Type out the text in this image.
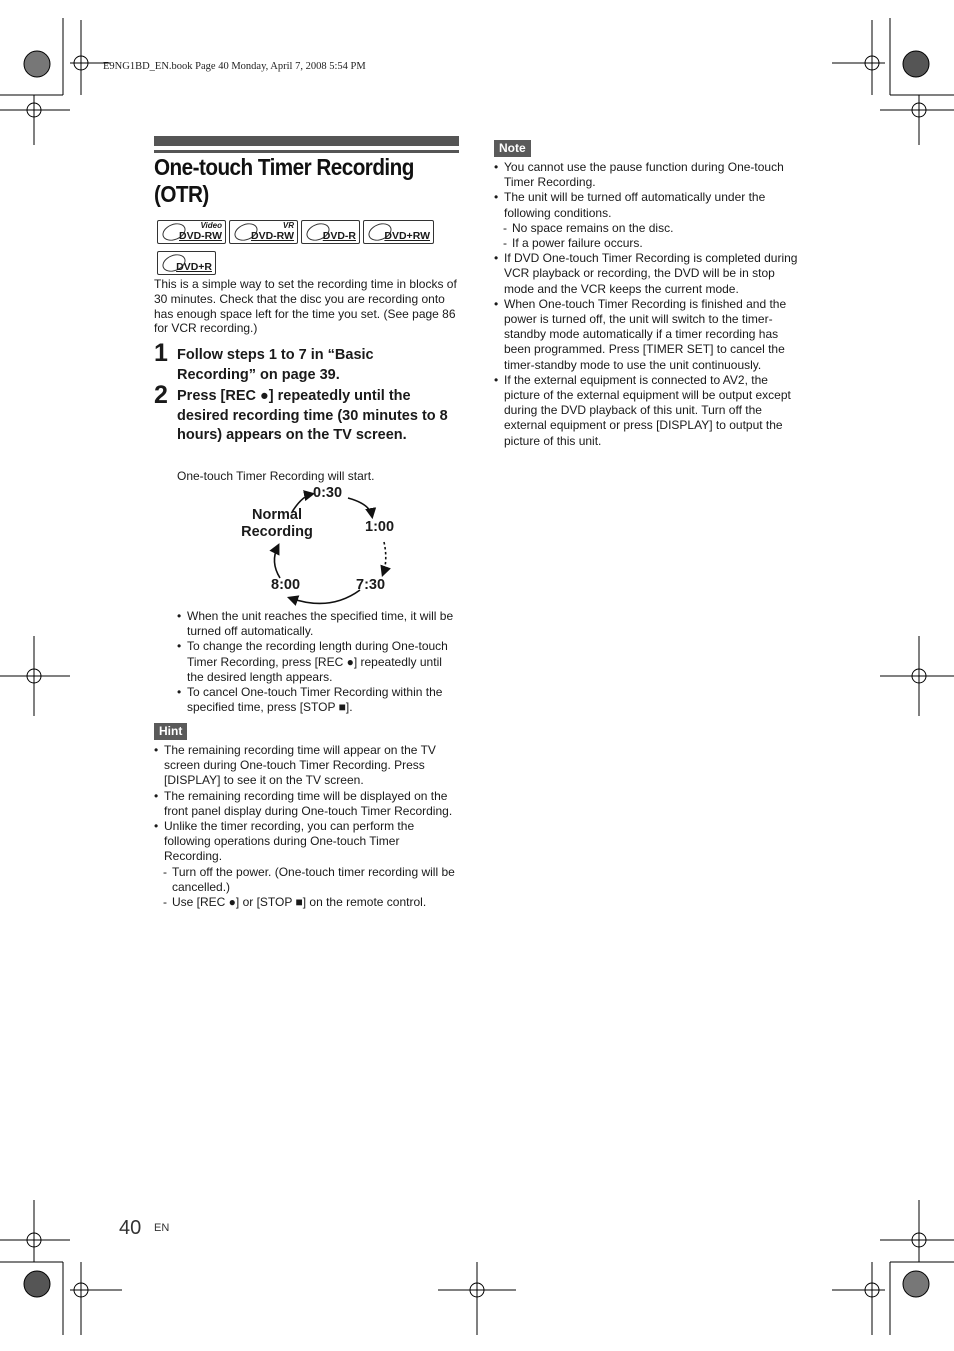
E9NG1BD_EN.book Page 40 Monday, April 7, 2008 5:54 PM
One-touch Timer Recording (OTR)
Video
DVD-RW
VR
DVD-RW	DVD-R	DVD+RW
DVD+R
This is a simple way to set the recording time in blocks of 30 minutes. Check that the disc you are recording onto has enough space left for the time you set. (See page 86 for VCR recording.)
1 Follow steps 1 to 7 in “Basic Recording” on page 39.
2 Press [REC ●] repeatedly until the desired recording time (30 minutes to 8 hours) appears on the TV screen.
One-touch Timer Recording will start.
0:30
1:00
7:30
8:00
Normal
Recording
• When the unit reaches the specified time, it will be turned off automatically.
• To change the recording length during One-touch Timer Recording, press [REC ●] repeatedly until the desired length appears.
• To cancel One-touch Timer Recording within the specified time, press [STOP ■].
Hint
• The remaining recording time will appear on the TV screen during One-touch Timer Recording. Press [DISPLAY] to see it on the TV screen.
• The remaining recording time will be displayed on the front panel display during One-touch Timer Recording.
• Unlike the timer recording, you can perform the following operations during One-touch Timer Recording.
- Turn off the power. (One-touch timer recording will be cancelled.)
- Use [REC ●] or [STOP ■] on the remote control.
Note
• You cannot use the pause function during One-touch Timer Recording.
• The unit will be turned off automatically under the following conditions.
- No space remains on the disc.
- If a power failure occurs.
• If DVD One-touch Timer Recording is completed during VCR playback or recording, the DVD will be in stop mode and the VCR keeps the current mode.
• When One-touch Timer Recording is finished and the power is turned off, the unit will switch to the timer-standby mode automatically if a timer recording has been programmed. Press [TIMER SET] to cancel the timer-standby mode to use the unit continuously.
• If the external equipment is connected to AV2, the picture of the external equipment will be output except during the DVD playback of this unit. Turn off the external equipment or press [DISPLAY] to output the picture of this unit.
40 EN
